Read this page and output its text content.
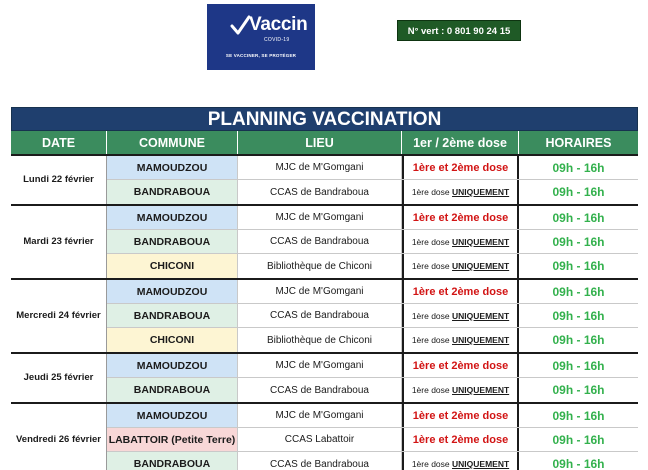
Vaccin
COVID-19
SE VACCINER, SE PROTÉGER
N° vert : 0 801 90 24 15
PLANNING VACCINATION
DATE	COMMUNE	LIEU	1er / 2ème dose	HORAIRES
Lundi 22 février
MAMOUDZOU	MJC de M'Gomgani	1ère et 2ème dose	09h - 16h
BANDRABOUA	CCAS de Bandraboua	1ère dose UNIQUEMENT	09h - 16h
Mardi 23 février
MAMOUDZOU	MJC de M'Gomgani	1ère et 2ème dose	09h - 16h
BANDRABOUA	CCAS de Bandraboua	1ère dose UNIQUEMENT	09h - 16h
CHICONI	Bibliothèque de Chiconi	1ère dose UNIQUEMENT	09h - 16h
Mercredi 24 février
MAMOUDZOU	MJC de M'Gomgani	1ère et 2ème dose	09h - 16h
BANDRABOUA	CCAS de Bandraboua	1ère dose UNIQUEMENT	09h - 16h
CHICONI	Bibliothèque de Chiconi	1ère dose UNIQUEMENT	09h - 16h
Jeudi 25 février
MAMOUDZOU	MJC de M'Gomgani	1ère et 2ème dose	09h - 16h
BANDRABOUA	CCAS de Bandraboua	1ère dose UNIQUEMENT	09h - 16h
Vendredi 26 février
MAMOUDZOU	MJC de M'Gomgani	1ère et 2ème dose	09h - 16h
LABATTOIR (Petite Terre)	CCAS Labattoir	1ère et 2ème dose	09h - 16h
BANDRABOUA	CCAS de Bandraboua	1ère dose UNIQUEMENT	09h - 16h
